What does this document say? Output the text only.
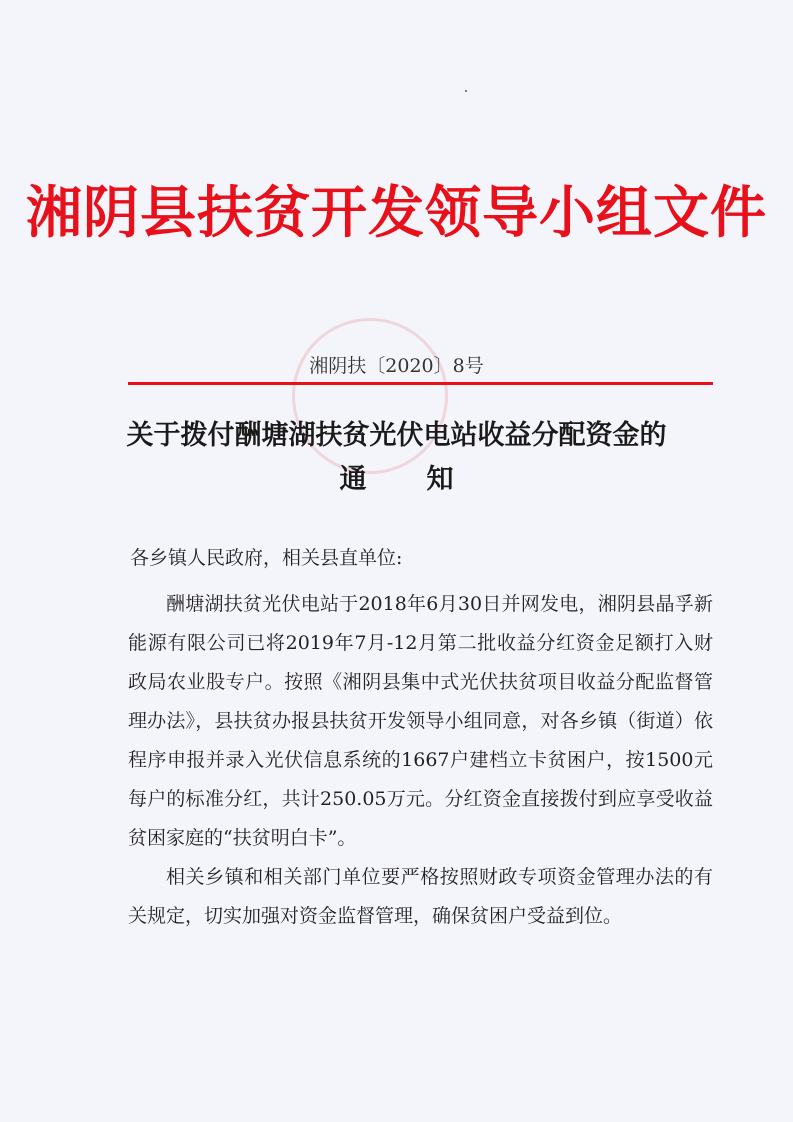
湘阴县扶贫开发领导小组文件
湘阴扶〔2020〕8号
关于拨付酬塘湖扶贫光伏电站收益分配资金的
通 知
各乡镇人民政府，相关县直单位:

酬塘湖扶贫光伏电站于2018年6月30日并网发电，湘阴县晶孚新能源有限公司已将2019年7月-12月第二批收益分红资金足额打入财政局农业股专户。按照《湘阴县集中式光伏扶贫项目收益分配监督管理办法》，县扶贫办报县扶贫开发领导小组同意，对各乡镇（街道）依程序申报并录入光伏信息系统的1667户建档立卡贫困户，按1500元每户的标准分红，共计250.05万元。分红资金直接拨付到应享受收益贫困家庭的“扶贫明白卡”。

相关乡镇和相关部门单位要严格按照财政专项资金管理办法的有关规定，切实加强对资金监督管理，确保贫困户受益到位。
